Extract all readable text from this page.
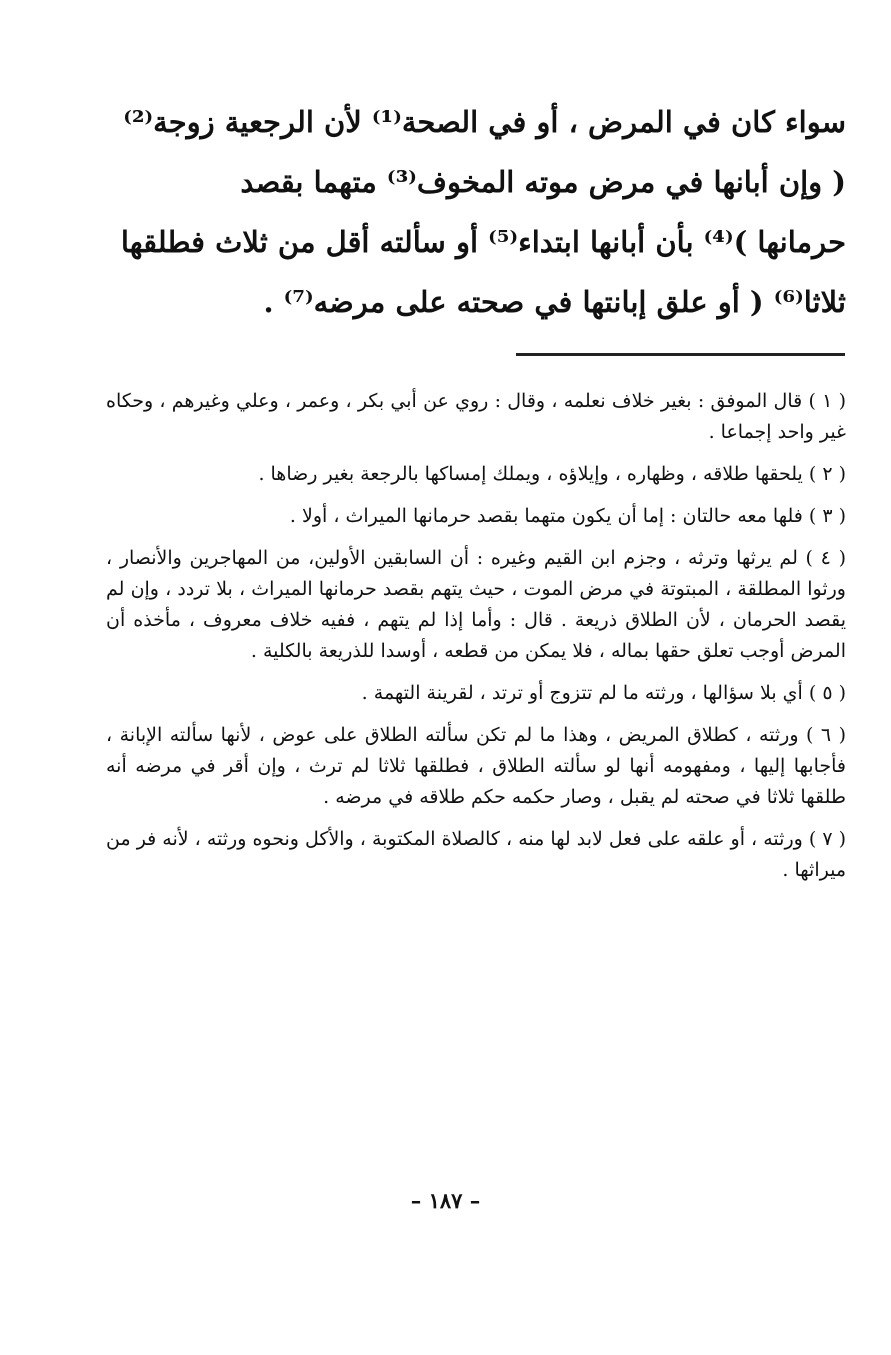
سواء كان في المرض ، أو في الصحة⁽¹⁾ لأن الرجعية زوجة⁽²⁾
( وإن أبانها في مرض موته المخوف⁽³⁾ متهما بقصد
حرمانها )⁽⁴⁾ بأن أبانها ابتداء⁽⁵⁾ أو سألته أقل من ثلاث فطلقها
ثلاثا⁽⁶⁾ ( أو علق إبانتها في صحته على مرضه⁽⁷⁾ .

( ١ ) قال الموفق : بغير خلاف نعلمه ، وقال : روي عن أبي بكر ، وعمر ، وعلي وغيرهم ، وحكاه غير واحد إجماعا .

( ٢ ) يلحقها طلاقه ، وظهاره ، وإيلاؤه ، ويملك إمساكها بالرجعة بغير رضاها .

( ٣ ) فلها معه حالتان : إما أن يكون متهما بقصد حرمانها الميراث ، أولا .

( ٤ ) لم يرثها وترثه ، وجزم ابن القيم وغيره : أن السابقين الأولين، من المهاجرين والأنصار ، ورثوا المطلقة ، المبتوتة في مرض الموت ، حيث يتهم بقصد حرمانها الميراث ، بلا تردد ، وإن لم يقصد الحرمان ، لأن الطلاق ذريعة . قال : وأما إذا لم يتهم ، ففيه خلاف معروف ، مأخذه أن المرض أوجب تعلق حقها بماله ، فلا يمكن من قطعه ، أوسدا للذريعة بالكلية .

( ٥ ) أي بلا سؤالها ، ورثته ما لم تتزوج أو ترتد ، لقرينة التهمة .

( ٦ ) ورثته ، كطلاق المريض ، وهذا ما لم تكن سألته الطلاق على عوض ، لأنها سألته الإبانة ، فأجابها إليها ، ومفهومه أنها لو سألته الطلاق ، فطلقها ثلاثا لم ترث ، وإن أقر في مرضه أنه طلقها ثلاثا في صحته لم يقبل ، وصار حكمه حكم طلاقه في مرضه .

( ٧ ) ورثته ، أو علقه على فعل لابد لها منه ، كالصلاة المكتوبة ، والأكل ونحوه ورثته ، لأنه فر من ميراثها .

– ١٨٧ –
